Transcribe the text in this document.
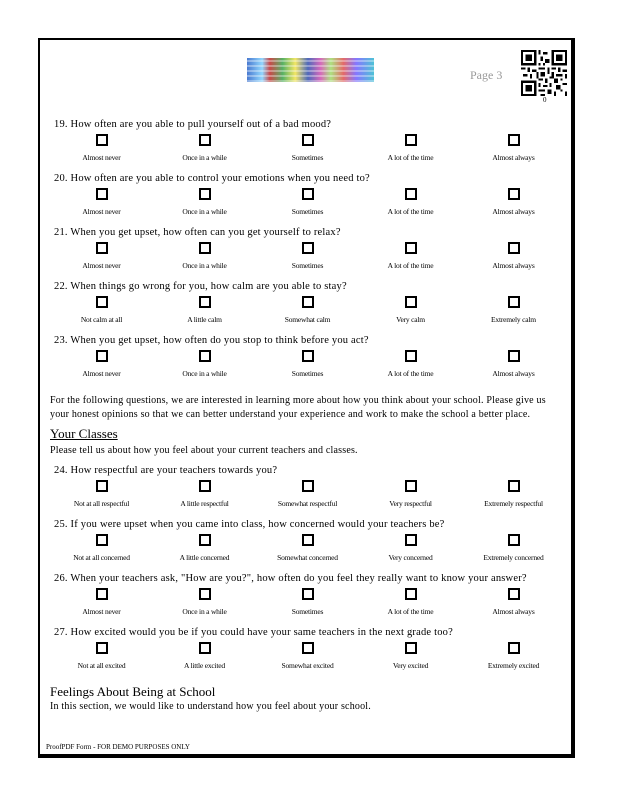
Page 3
0
19. How often are you able to pull yourself out of a bad mood?
Almost never	Once in a while	Sometimes	A lot of the time	Almost always
20. How often are you able to control your emotions when you need to?
Almost never	Once in a while	Sometimes	A lot of the time	Almost always
21. When you get upset, how often can you get yourself to relax?
Almost never	Once in a while	Sometimes	A lot of the time	Almost always
22. When things go wrong for you, how calm are you able to stay?
Not calm at all	A little calm	Somewhat calm	Very calm	Extremely calm
23. When you get upset, how often do you stop to think before you act?
Almost never	Once in a while	Sometimes	A lot of the time	Almost always
For the following questions, we are interested in learning more about how you think about your school. Please give us your honest opinions so that we can better understand your experience and work to make the school a better place.
Your Classes
Please tell us about how you feel about your current teachers and classes.
24. How respectful are your teachers towards you?
Not at all respectful	A little respectful	Somewhat respectful	Very respectful	Extremely respectful
25. If you were upset when you came into class, how concerned would your teachers be?
Not at all concerned	A little concerned	Somewhat concerned	Very concerned	Extremely concerned
26. When your teachers ask, "How are you?", how often do you feel they really want to know your answer?
Almost never	Once in a while	Sometimes	A lot of the time	Almost always
27. How excited would you be if you could have your same teachers in the next grade too?
Not at all excited	A little excited	Somewhat excited	Very excited	Extremely excited
Feelings About Being at School
In this section, we would like to understand how you feel about your school.
ProofPDF Form - FOR DEMO PURPOSES ONLY
